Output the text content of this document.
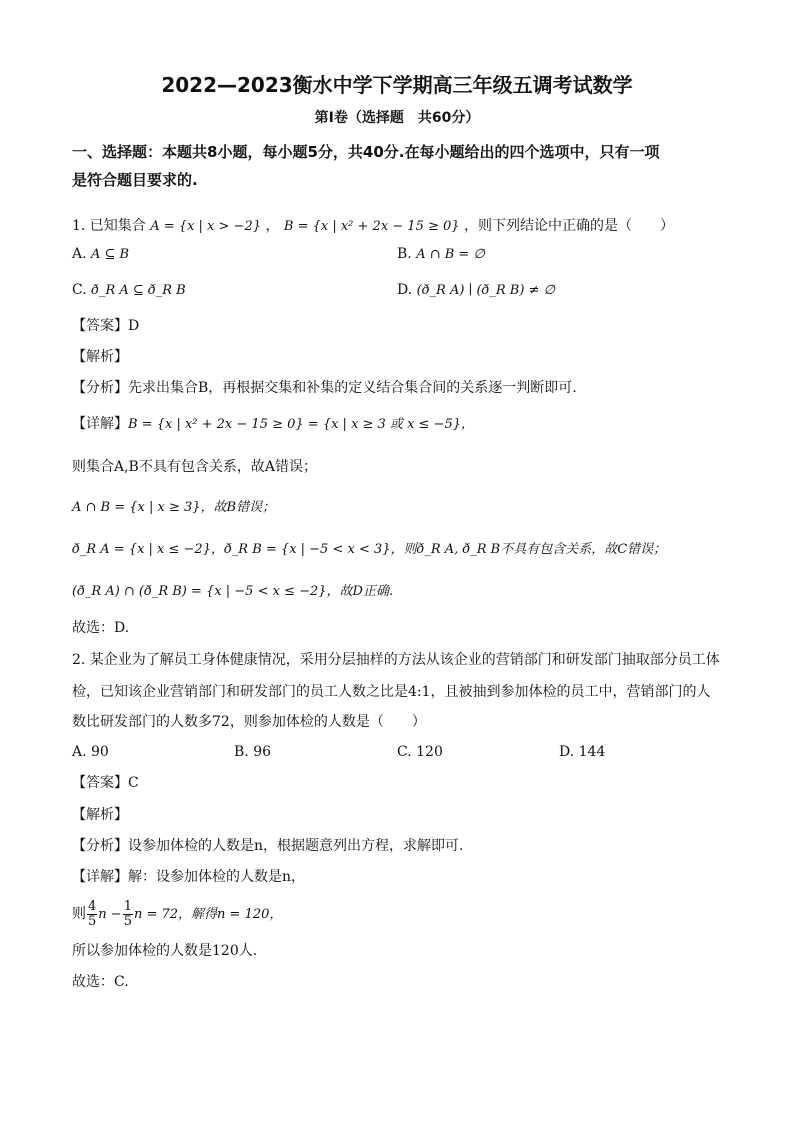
2022—2023衡水中学下学期高三年级五调考试数学
第I卷（选择题　共60分）
一、选择题：本题共8小题，每小题5分，共40分.在每小题给出的四个选项中，只有一项
是符合题目要求的.
1. 已知集合 A = {x | x > −2} ， B = {x | x² + 2x − 15 ≥ 0} ，则下列结论中正确的是（　　）
A. A ⊆ B	B. A ∩ B = ∅
C. ð_R A ⊆ ð_R B	D. (ð_R A) ∣ (ð_R B) ≠ ∅
【答案】D
【解析】
【分析】先求出集合B，再根据交集和补集的定义结合集合间的关系逐一判断即可.
【详解】B = {x | x² + 2x − 15 ≥ 0} = {x | x ≥ 3 或 x ≤ −5}，
则集合A,B不具有包含关系，故A错误；
A ∩ B = {x | x ≥ 3}，故B错误；
ð_R A = {x | x ≤ −2}，ð_R B = {x | −5 < x < 3}，则ð_R A, ð_R B不具有包含关系，故C错误；
(ð_R A) ∩ (ð_R B) = {x | −5 < x ≤ −2}，故D正确.
故选：D.
2. 某企业为了解员工身体健康情况，采用分层抽样的方法从该企业的营销部门和研发部门抽取部分员工体
检，已知该企业营销部门和研发部门的员工人数之比是4:1，且被抽到参加体检的员工中，营销部门的人
数比研发部门的人数多72，则参加体检的人数是（　　）
A. 90	B. 96	C. 120	D. 144
【答案】C
【解析】
【分析】设参加体检的人数是n，根据题意列出方程，求解即可.
【详解】解：设参加体检的人数是n，
则 $\frac{4}{5}$ $n - \frac{1}{5}$ n = 72，解得n = 120，
所以参加体检的人数是120人.
故选：C.
